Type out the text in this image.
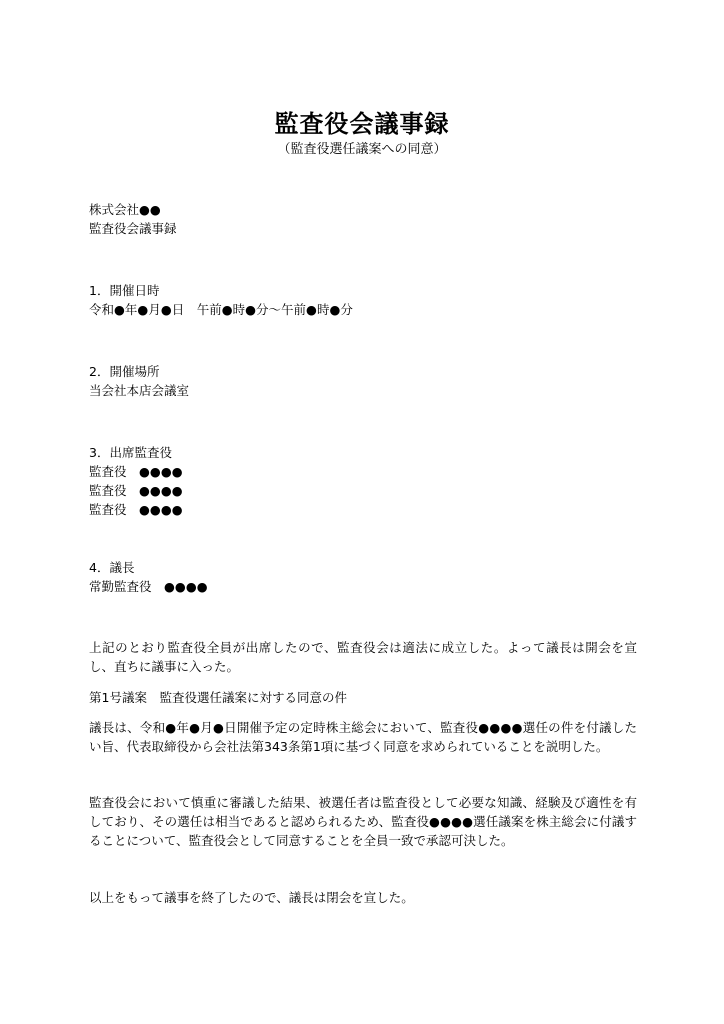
監査役会議事録
（監査役選任議案への同意）
株式会社●●
監査役会議事録
1．開催日時
令和●年●月●日　午前●時●分～午前●時●分
2．開催場所
当会社本店会議室
3．出席監査役
監査役　●●●●
監査役　●●●●
監査役　●●●●
4．議長
常勤監査役　●●●●
上記のとおり監査役全員が出席したので、監査役会は適法に成立した。よって議長は開会を宣し、直ちに議事に入った。
第1号議案　監査役選任議案に対する同意の件
議長は、令和●年●月●日開催予定の定時株主総会において、監査役●●●●選任の件を付議したい旨、代表取締役から会社法第343条第1項に基づく同意を求められていることを説明した。
監査役会において慎重に審議した結果、被選任者は監査役として必要な知識、経験及び適性を有しており、その選任は相当であると認められるため、監査役●●●●選任議案を株主総会に付議することについて、監査役会として同意することを全員一致で承認可決した。
以上をもって議事を終了したので、議長は閉会を宣した。
